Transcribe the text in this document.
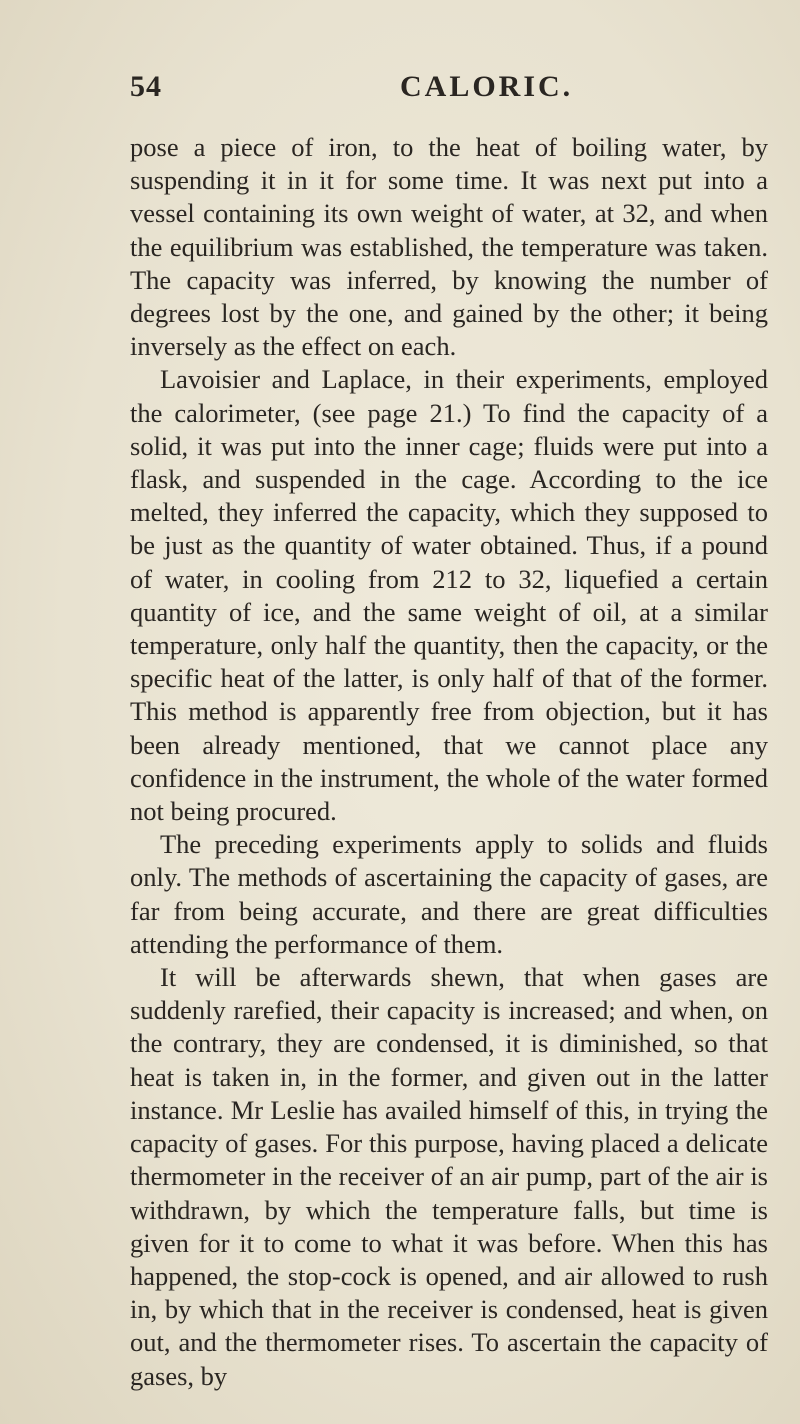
54	CALORIC.

pose a piece of iron, to the heat of boiling water, by suspending it in it for some time. It was next put into a vessel containing its own weight of water, at 32, and when the equilibrium was established, the temperature was taken. The capacity was inferred, by knowing the number of degrees lost by the one, and gained by the other; it being inversely as the effect on each.

Lavoisier and Laplace, in their experiments, employed the calorimeter, (see page 21.) To find the capacity of a solid, it was put into the inner cage; fluids were put into a flask, and suspended in the cage. According to the ice melted, they inferred the capacity, which they supposed to be just as the quantity of water obtained. Thus, if a pound of water, in cooling from 212 to 32, liquefied a certain quantity of ice, and the same weight of oil, at a similar temperature, only half the quantity, then the capacity, or the specific heat of the latter, is only half of that of the former. This method is apparently free from objection, but it has been already mentioned, that we cannot place any confidence in the instrument, the whole of the water formed not being procured.

The preceding experiments apply to solids and fluids only. The methods of ascertaining the capacity of gases, are far from being accurate, and there are great difficulties attending the performance of them.

It will be afterwards shewn, that when gases are suddenly rarefied, their capacity is increased; and when, on the contrary, they are condensed, it is diminished, so that heat is taken in, in the former, and given out in the latter instance. Mr Leslie has availed himself of this, in trying the capacity of gases. For this purpose, having placed a delicate thermometer in the receiver of an air pump, part of the air is withdrawn, by which the temperature falls, but time is given for it to come to what it was before. When this has happened, the stop-cock is opened, and air allowed to rush in, by which that in the receiver is condensed, heat is given out, and the thermometer rises. To ascertain the capacity of gases, by
